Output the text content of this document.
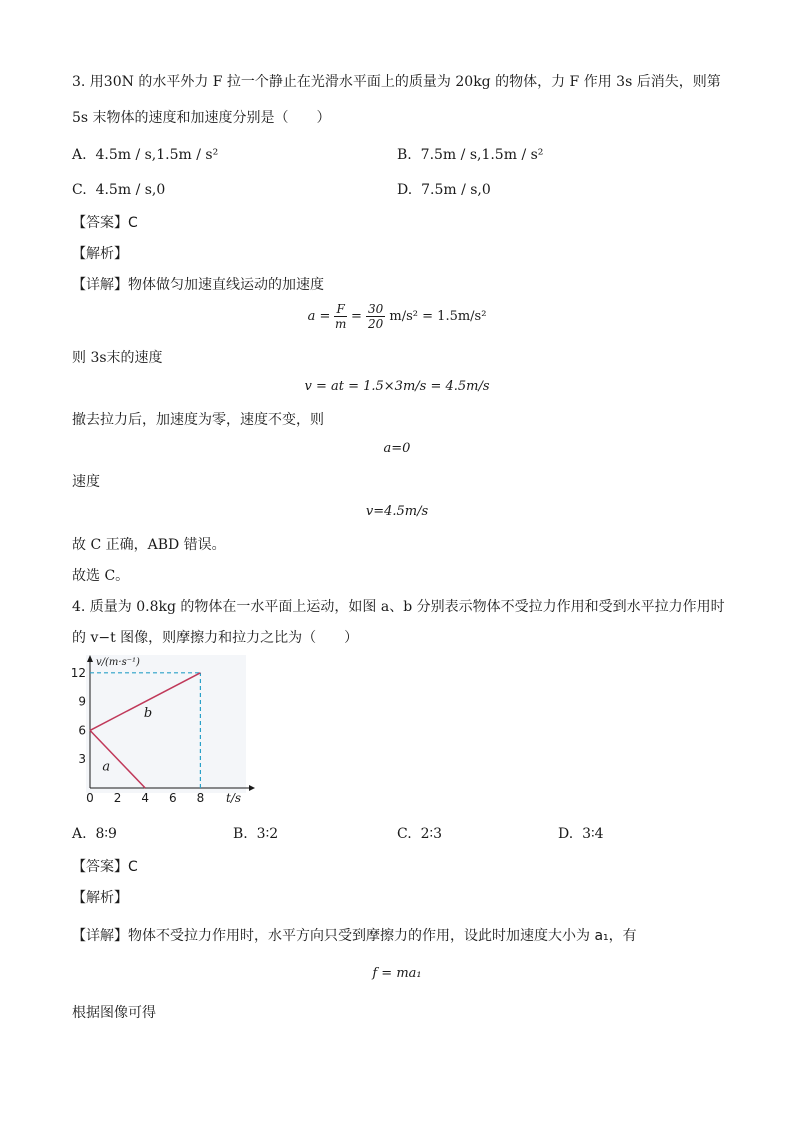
3. 用30N 的水平外力 F 拉一个静止在光滑水平面上的质量为 20kg 的物体，力 F 作用 3s 后消失，则第
5s 末物体的速度和加速度分别是（　　）
A. 4.5m / s,1.5m / s²	B. 7.5m / s,1.5m / s²
C. 4.5m / s,0	D. 7.5m / s,0
【答案】C
【解析】
【详解】物体做匀加速直线运动的加速度
$a = \frac{F}{m} = \frac{30}{20} m/s^2 = 1.5m/s^2$
则 3s末的速度
v = at = 1.5×3m/s = 4.5m/s
撤去拉力后，加速度为零，速度不变，则
a=0
速度
v=4.5m/s
故 C 正确，ABD 错误。
故选 C。
4. 质量为 0.8kg 的物体在一水平面上运动，如图 a、b 分别表示物体不受拉力作用和受到水平拉力作用时
的 v−t 图像，则摩擦力和拉力之比为（　　）
a
b
0 2 4 6 8
3
6
9
12
v/(m·s⁻¹)
t/s
A. 8∶9	B. 3∶2	C. 2∶3	D. 3∶4
【答案】C
【解析】
【详解】物体不受拉力作用时，水平方向只受到摩擦力的作用，设此时加速度大小为 a₁，有
f = ma₁
根据图像可得
